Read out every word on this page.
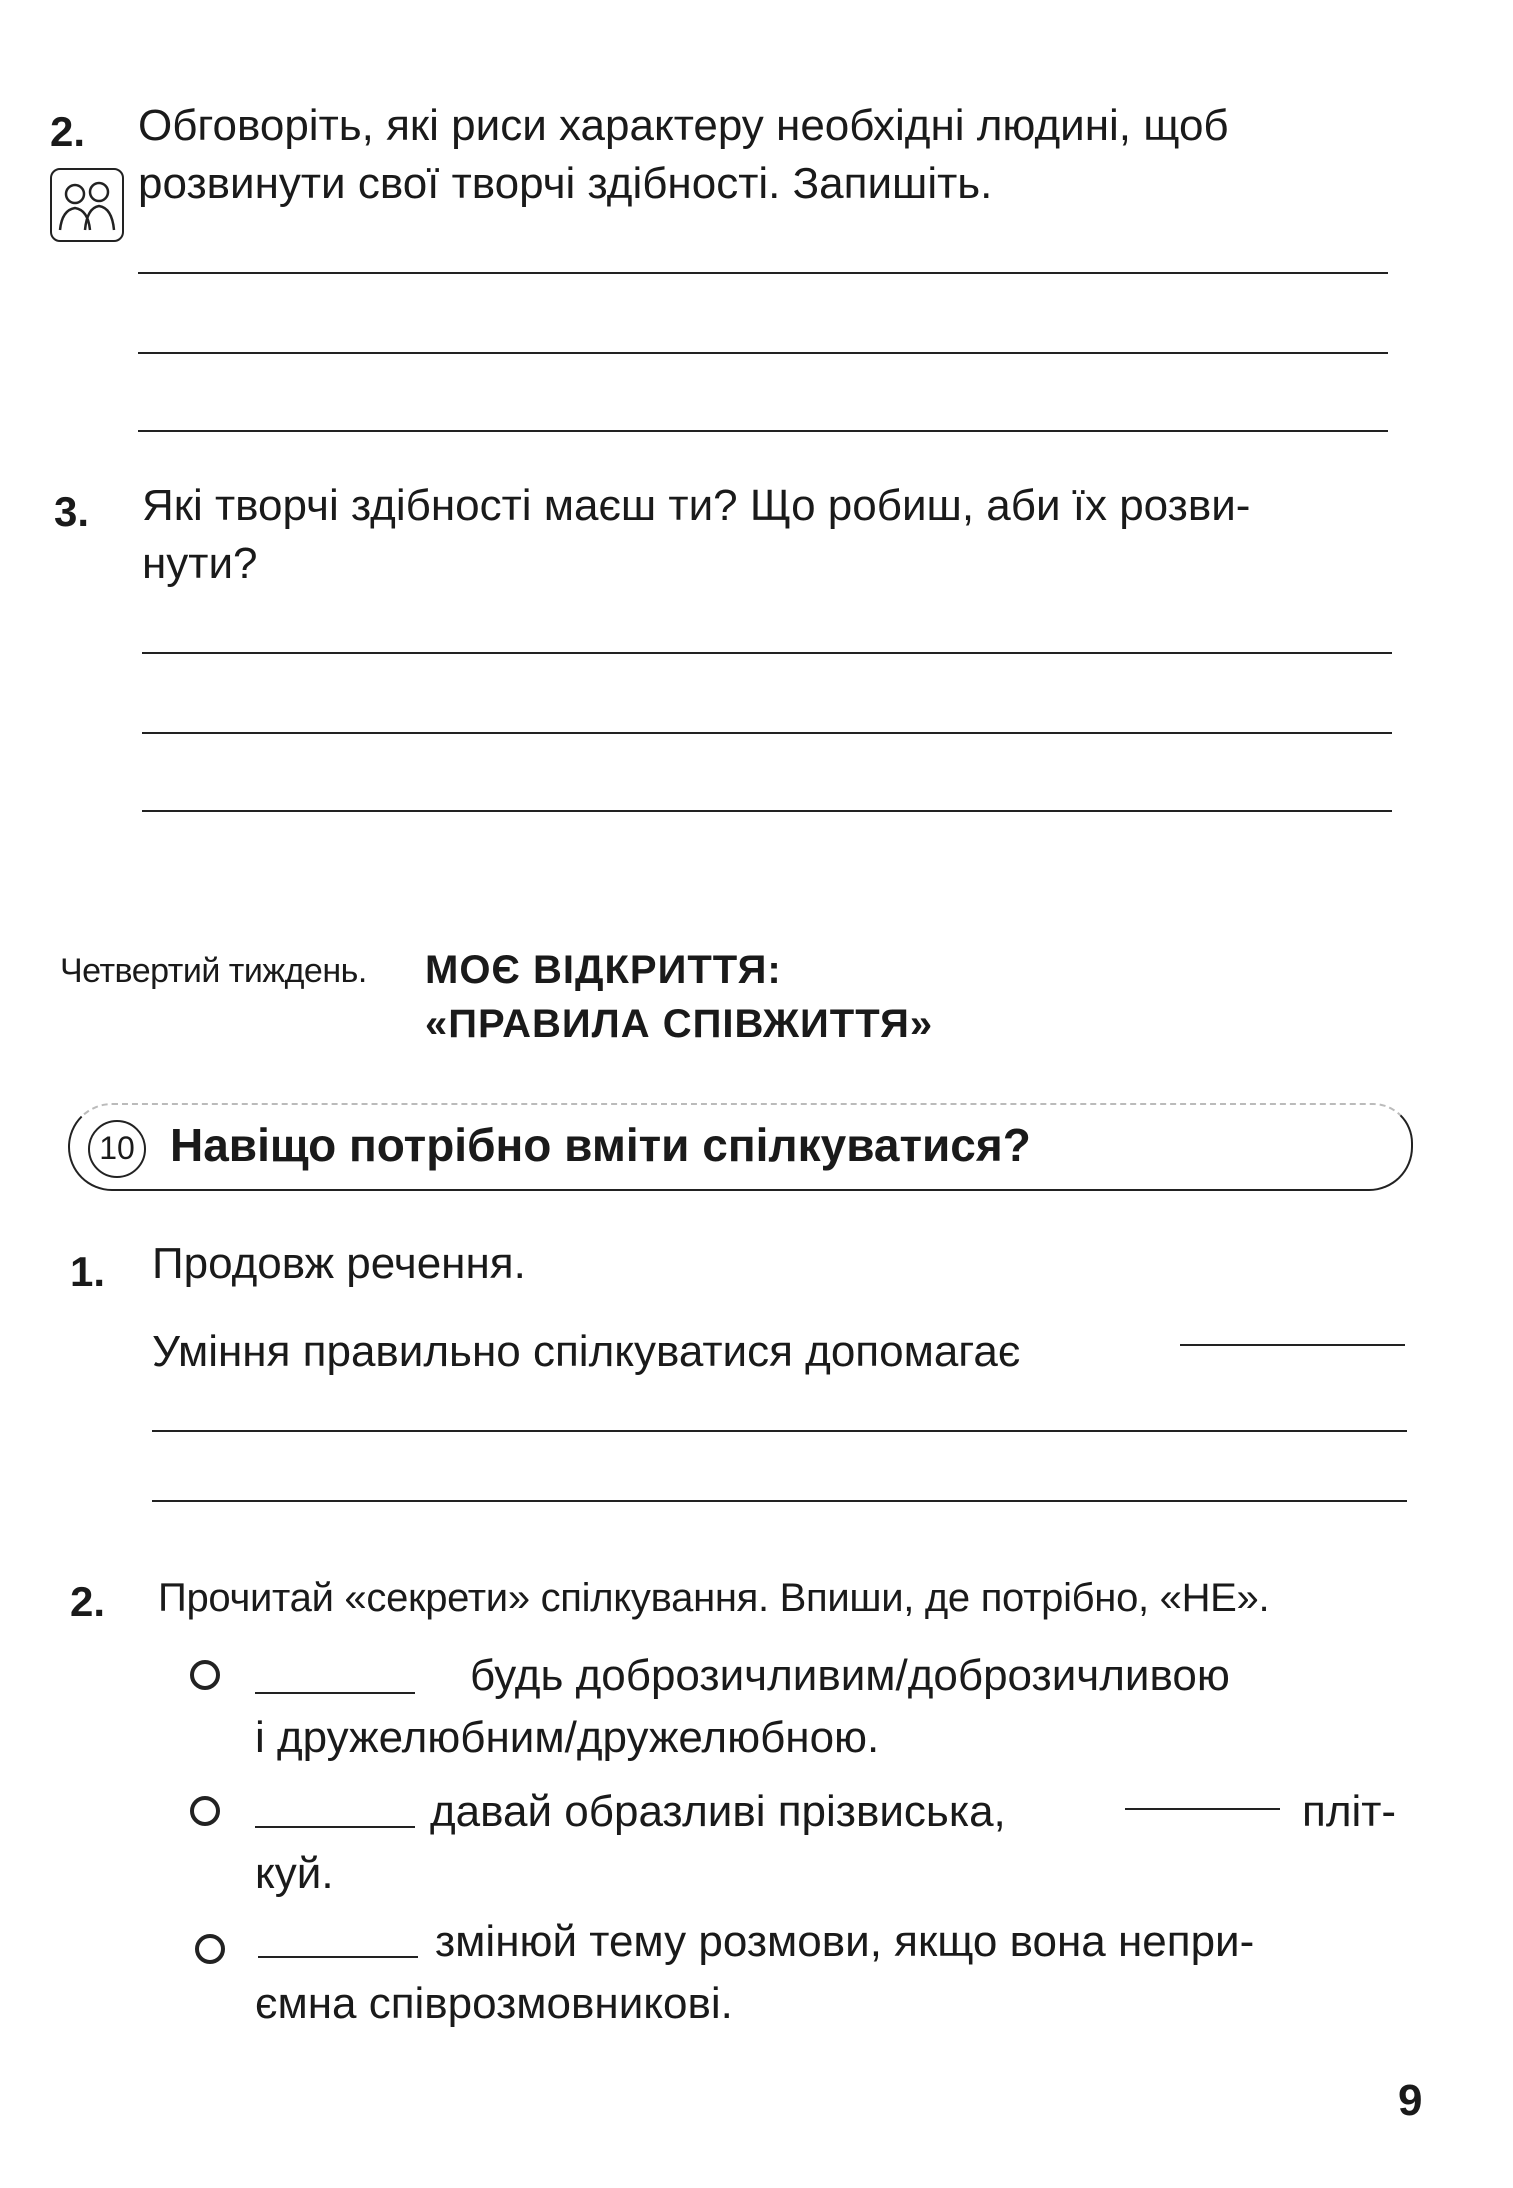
2. Обговоріть, які риси характеру необхідні людині, щоб
розвинути свої творчі здібності. Запишіть.
3. Які творчі здібності маєш ти? Що робиш, аби їх розви-
нути?
Четвертий тиждень. МОЄ ВІДКРИТТЯ:
«ПРАВИЛА СПІВЖИТТЯ»
10 Навіщо потрібно вміти спілкуватися?
1. Продовж речення.
Уміння правильно спілкуватися допомагає
2. Прочитай «секрети» спілкування. Впиши, де потрібно, «НЕ».
будь доброзичливим/доброзичливою
і дружелюбним/дружелюбною.
давай образливі прізвиська,	пліт-
куй.
змінюй тему розмови, якщо вона непри-
ємна співрозмовникові.
9
